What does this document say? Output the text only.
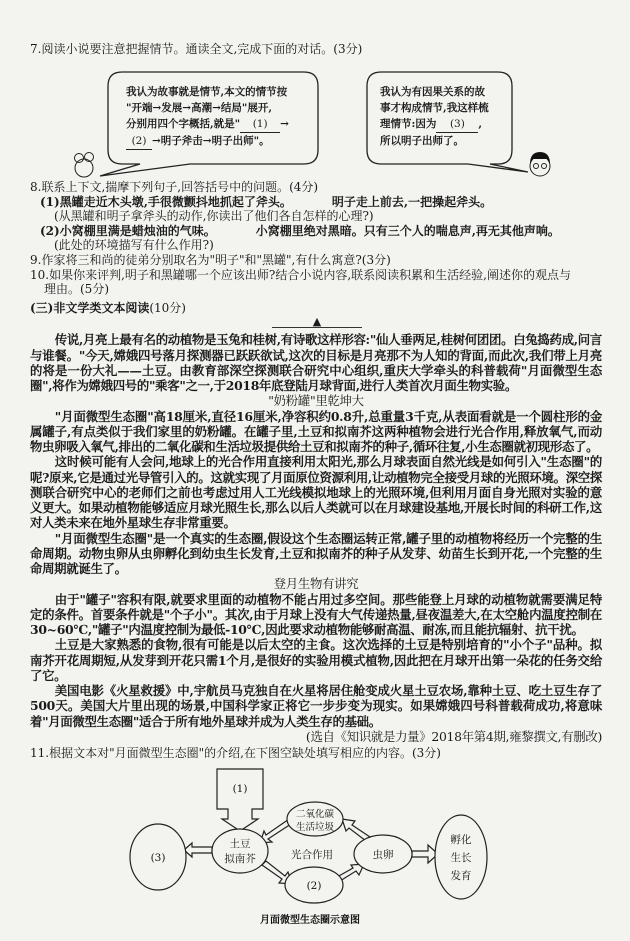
7.阅读小说要注意把握情节。通读全文,完成下面的对话。(3分)
我认为故事就是情节,本文的情节按
"开端→发展→高潮→结局"展开,
分别用四个字概括,就是" (1) →
(2) →明子斧击→明子出师"。
我认为有因果关系的故
事才构成情节,我这样梳
理情节:因为 (3) ,
所以明子出师了。
8.联系上下文,揣摩下列句子,回答括号中的问题。(4分)
(1)黑罐走近木头墩,手很微颤抖地抓起了斧头。	明子走上前去,一把操起斧头。
(从黑罐和明子拿斧头的动作,你读出了他们各自怎样的心理?)
(2)小窝棚里满是蜡烛油的气味。	小窝棚里绝对黑暗。只有三个人的喘息声,再无其他声响。
(此处的环境描写有什么作用?)
9.作家将三和尚的徒弟分别取名为"明子"和"黑罐",有什么寓意?(3分)
10.如果你来评判,明子和黑罐哪一个应该出师?结合小说内容,联系阅读积累和生活经验,阐述你的观点与
理由。(5分)
(三)非文学类文本阅读(10分)
▲

传说,月亮上最有名的动植物是玉兔和桂树,有诗歌这样形容:"仙人垂两足,桂树何团团。白兔捣药成,问言与谁餐。"今天,嫦娥四号落月探测器已跃跃欲试,这次的目标是月亮那不为人知的背面,而此次,我们带上月亮的将是一份大礼——土豆。由教育部深空探测联合研究中心组织,重庆大学牵头的科普载荷"月面微型生态圈",将作为嫦娥四号的"乘客"之一,于2018年底登陆月球背面,进行人类首次月面生物实验。

"奶粉罐"里乾坤大

"月面微型生态圈"高18厘米,直径16厘米,净容积约0.8升,总重量3千克,从表面看就是一个圆柱形的金属罐子,有点类似于我们家里的奶粉罐。在罐子里,土豆和拟南芥这两种植物会进行光合作用,释放氧气,而动物虫卵吸入氧气,排出的二氧化碳和生活垃圾提供给土豆和拟南芥的种子,循环往复,小生态圈就初现形态了。

这时候可能有人会问,地球上的光合作用直接利用太阳光,那么月球表面自然光线是如何引入"生态圈"的呢?原来,它是通过光导管引入的。这就实现了月面原位资源利用,让动植物完全接受月球的光照环境。深空探测联合研究中心的老师们之前也考虑过用人工光线模拟地球上的光照环境,但利用月面自身光照对实验的意义更大。如果动植物能够适应月球光照生长,那么以后人类就可以在月球建设基地,开展长时间的科研工作,这对人类未来在地外星球生存非常重要。

"月面微型生态圈"是一个真实的生态圈,假设这个生态圈运转正常,罐子里的动植物将经历一个完整的生命周期。动物虫卵从虫卵孵化到幼虫生长发育,土豆和拟南芥的种子从发芽、幼苗生长到开花,一个完整的生命周期就诞生了。

登月生物有讲究

由于"罐子"容积有限,就要求里面的动植物不能占用过多空间。那些能登上月球的动植物就需要满足特定的条件。首要条件就是"个子小"。其次,由于月球上没有大气传递热量,昼夜温差大,在太空舱内温度控制在30~60℃,"罐子"内温度控制为最低-10℃,因此要求动植物能够耐高温、耐冻,而且能抗辐射、抗干扰。

土豆是大家熟悉的食物,很有可能是以后太空的主食。这次选择的土豆是特别培育的"小个子"品种。拟南芥开花周期短,从发芽到开花只需1个月,是很好的实验用模式植物,因此把在月球开出第一朵花的任务交给了它。

美国电影《火星救援》中,宇航员马克独自在火星将居住舱变成火星土豆农场,靠种土豆、吃土豆生存了500天。美国大片里出现的场景,中国科学家正将它一步步变为现实。如果嫦娥四号科普载荷成功,将意味着"月面微型生态圈"适合于所有地外星球并成为人类生存的基础。

(选自《知识就是力量》2018年第4期,雍黎撰文,有删改)

11.根据文本对"月面微型生态圈"的介绍,在下图空缺处填写相应的内容。(3分)
(1)
(3)
土豆
拟南芥
二氧化碳
生活垃圾
光合作用
(2)
虫卵
孵化
生长
发育
月面微型生态圈示意图
